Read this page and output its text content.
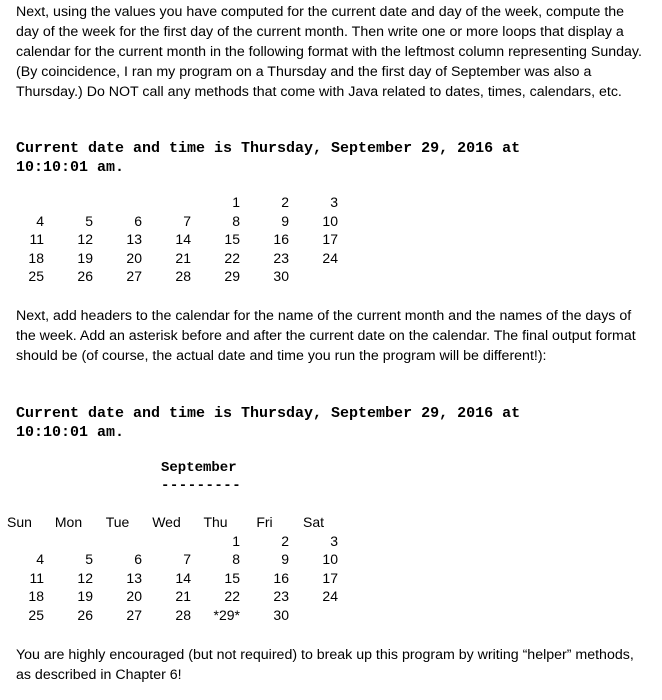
Next, using the values you have computed for the current date and day of the week, compute the day of the week for the first day of the current month. Then write one or more loops that display a calendar for the current month in the following format with the leftmost column representing Sunday. (By coincidence, I ran my program on a Thursday and the first day of September was also a Thursday.) Do NOT call any methods that come with Java related to dates, times, calendars, etc.

Current date and time is Thursday, September 29, 2016 at

10:10:01 am.

				1	2	3
4	5	6	7	8	9	10
11	12	13	14	15	16	17
18	19	20	21	22	23	24
25	26	27	28	29	30	

Next, add headers to the calendar for the name of the current month and the names of the days of the week. Add an asterisk before and after the current date on the calendar. The final output format should be (of course, the actual date and time you run the program will be different!):

Current date and time is Thursday, September 29, 2016 at

10:10:01 am.

September
---------
Sun	Mon	Tue	Wed	Thu	Fri	Sat
				1	2	3
4	5	6	7	8	9	10
11	12	13	14	15	16	17
18	19	20	21	22	23	24
25	26	27	28	*29*	30	

You are highly encouraged (but not required) to break up this program by writing “helper” methods, as described in Chapter 6!
